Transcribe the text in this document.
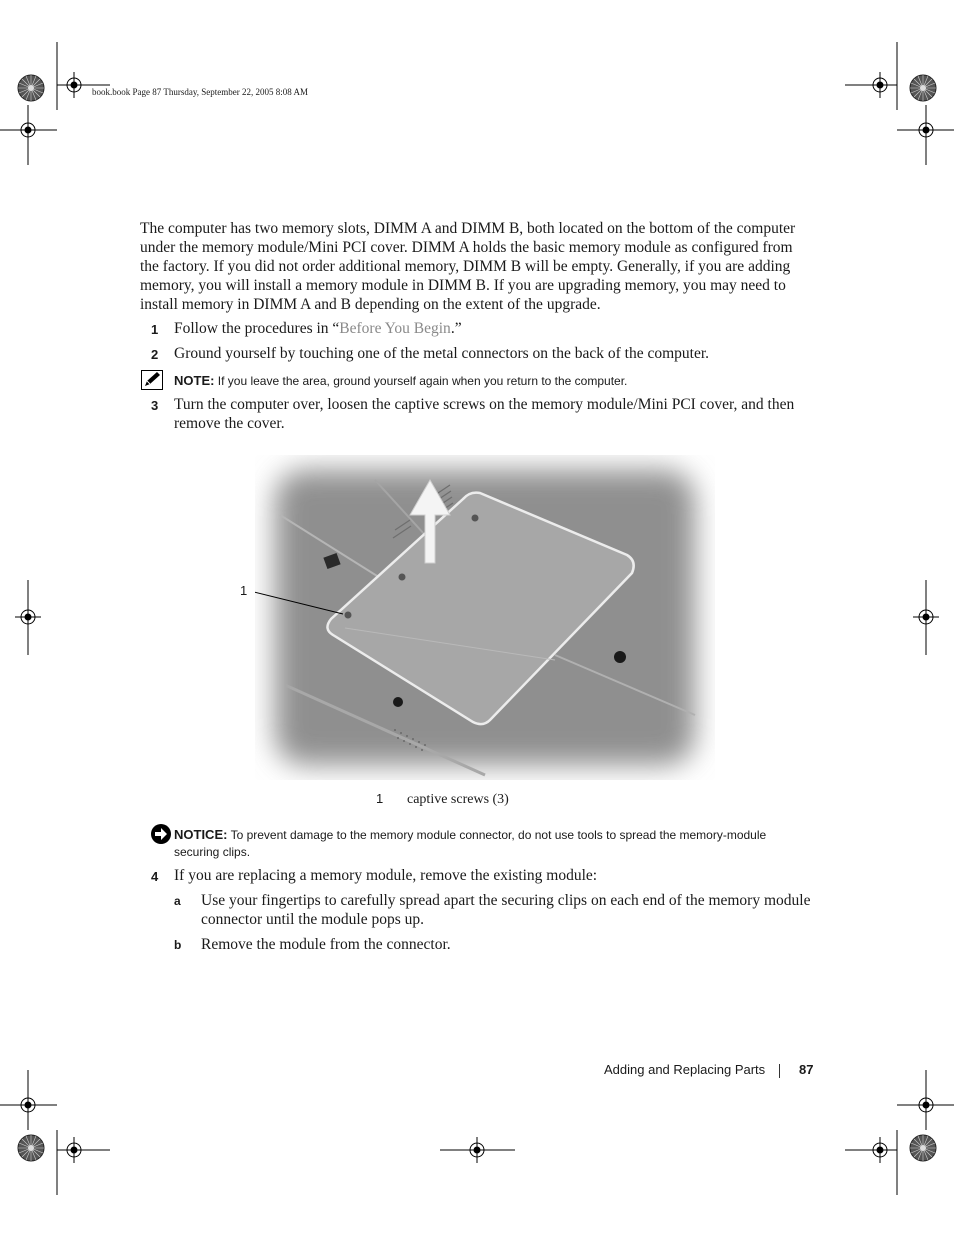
book.book Page 87 Thursday, September 22, 2005 8:08 AM

The computer has two memory slots, DIMM A and DIMM B, both located on the bottom of the computer under the memory module/Mini PCI cover. DIMM A holds the basic memory module as configured from the factory. If you did not order additional memory, DIMM B will be empty. Generally, if you are adding memory, you will install a memory module in DIMM B. If you are upgrading memory, you may need to install memory in DIMM A and B depending on the extent of the upgrade.

1 Follow the procedures in “Before You Begin.”
2 Ground yourself by touching one of the metal connectors on the back of the computer.
NOTE: If you leave the area, ground yourself again when you return to the computer.
3 Turn the computer over, loosen the captive screws on the memory module/Mini PCI cover, and then remove the cover.
1
1 captive screws (3)
NOTICE: To prevent damage to the memory module connector, do not use tools to spread the memory-module securing clips.
4 If you are replacing a memory module, remove the existing module:
a Use your fingertips to carefully spread apart the securing clips on each end of the memory module connector until the module pops up.
b Remove the module from the connector.
Adding and Replacing Parts	87
